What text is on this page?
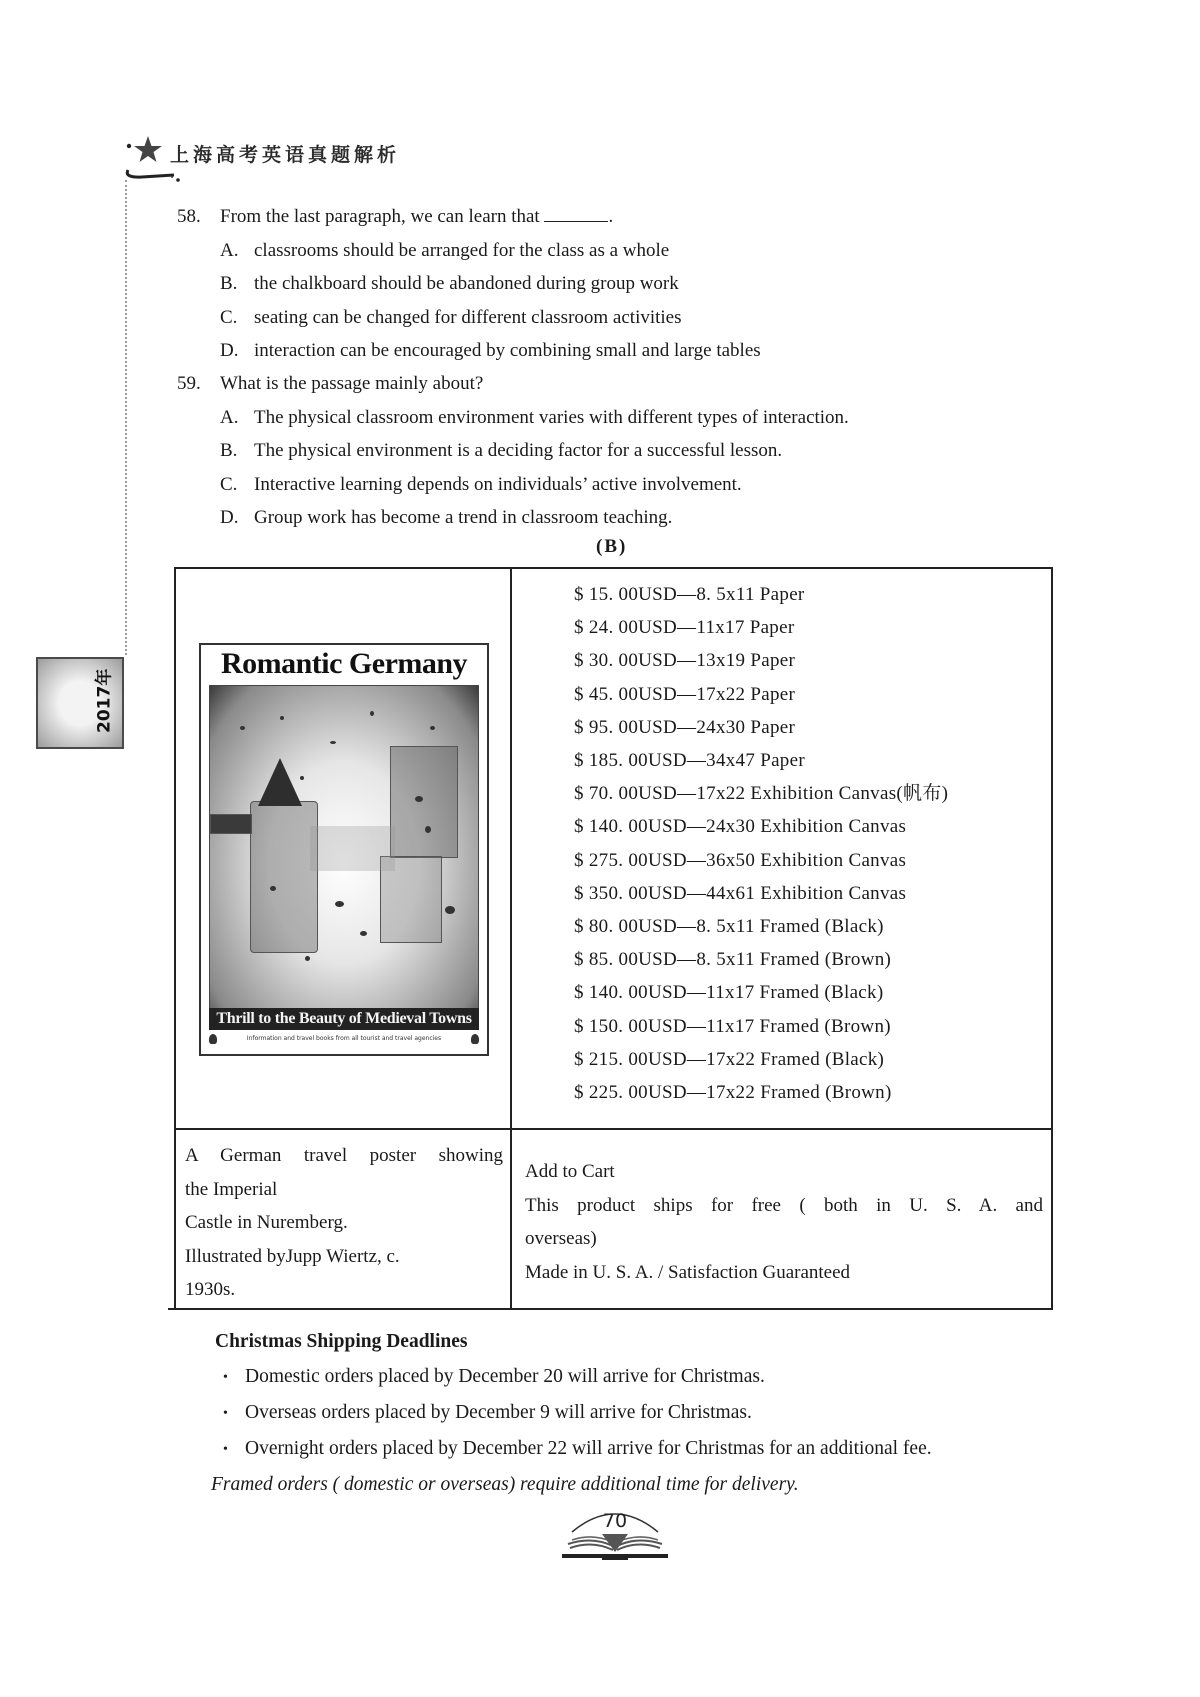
上海高考英语真题解析
2017年
58. From the last paragraph, we can learn that	.
A. classrooms should be arranged for the class as a whole
B. the chalkboard should be abandoned during group work
C. seating can be changed for different classroom activities
D. interaction can be encouraged by combining small and large tables
59. What is the passage mainly about?
A. The physical classroom environment varies with different types of interaction.
B. The physical environment is a deciding factor for a successful lesson.
C. Interactive learning depends on individuals’ active involvement.
D. Group work has become a trend in classroom teaching.
(B)
Romantic Germany
Thrill to the Beauty of Medieval Towns
Information and travel books from all tourist and travel agencies
$ 15. 00USD—8. 5x11 Paper
$ 24. 00USD—11x17 Paper
$ 30. 00USD—13x19 Paper
$ 45. 00USD—17x22 Paper
$ 95. 00USD—24x30 Paper
$ 185. 00USD—34x47 Paper
$ 70. 00USD—17x22 Exhibition Canvas(帆布)
$ 140. 00USD—24x30 Exhibition Canvas
$ 275. 00USD—36x50 Exhibition Canvas
$ 350. 00USD—44x61 Exhibition Canvas
$ 80. 00USD—8. 5x11 Framed (Black)
$ 85. 00USD—8. 5x11 Framed (Brown)
$ 140. 00USD—11x17 Framed (Black)
$ 150. 00USD—11x17 Framed (Brown)
$ 215. 00USD—17x22 Framed (Black)
$ 225. 00USD—17x22 Framed (Brown)
A German travel poster showing
the Imperial
Castle in Nuremberg.
Illustrated byJupp Wiertz, c.
1930s.
Add to Cart
This product ships for free ( both in U. S. A. and
overseas)
Made in U. S. A. / Satisfaction Guaranteed
Christmas Shipping Deadlines
• Domestic orders placed by December 20 will arrive for Christmas.
• Overseas orders placed by December 9 will arrive for Christmas.
• Overnight orders placed by December 22 will arrive for Christmas for an additional fee.
Framed orders ( domestic or overseas) require additional time for delivery.
70
